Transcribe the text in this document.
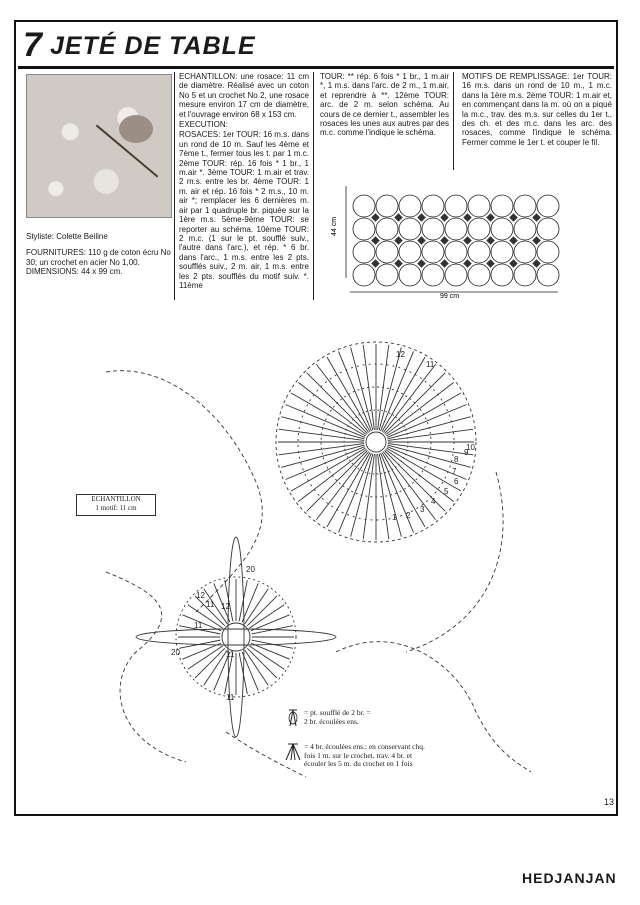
7 JETÉ DE TABLE
Styliste: Colette Beiline
FOURNITURES: 110 g de coton écru No 30; un crochet en acier No 1,00.
DIMENSIONS: 44 x 99 cm.

ECHANTILLON: une rosace: 11 cm de diamètre. Réalisé avec un coton No 5 et un crochet No 2, une rosace mesure environ 17 cm de diamètre, et l'ouvrage environ 68 x 153 cm.

EXECUTION:

ROSACES: 1er TOUR: 16 m.s. dans un rond de 10 m. Sauf les 4ème et 7ème t., fermer tous les t. par 1 m.c. 2ème TOUR: rép. 16 fois * 1 br., 1 m.air *. 3ème TOUR: 1 m.air et trav. 2 m.s. entre les br. 4ème TOUR: 1 m. air et rép. 16 fois * 2 m.s., 10 m. air *; remplacer les 6 dernières m. air par 1 quadruple br. piquée sur la 1ère m.s. 5ème-9ème TOUR: se reporter au schéma. 10ème TOUR: 2 m.c. (1 sur le pt. soufflé suiv., l'autre dans l'arc.), et rép. * 6 br. dans l'arc., 1 m.s. entre les 2 pts. soufflés suiv., 2 m. air, 1 m.s. entre les 2 pts. soufflés du motif suiv. *. 11ème

TOUR: ** rép. 6 fois * 1 br., 1 m.air *, 1 m.s. dans l'arc. de 2 m., 1 m.air, et reprendre à **. 12ème TOUR: arc. de 2 m. selon schéma. Au cours de ce dernier t., assembler les rosaces les unes aux autres par des m.c. comme l'indique le schéma.

MOTIFS DE REMPLISSAGE: 1er TOUR: 16 m.s. dans un rond de 10 m., 1 m.c. dans la 1ère m.s. 2ème TOUR: 1 m.air et, en commençant dans la m. où on a piqué la m.c., trav. des m.s. sur celles du 1er t., des ch. et des m.c. dans les arc. des rosaces, comme l'indique le schéma. Fermer comme le 1er t. et couper le fil.

44 cm
99 cm
12
11
10
9
8
7
6
5
4
3
2
1
20
12
11
11
20	11
11
12
ECHANTILLON
1 motif: 11 cm
= pt. soufflé de 2 br. =
2 br. écoulées ens.
= 4 br. écoulées ens.: en conservant chq.
fois 1 m. sur le crochet, trav. 4 br. et
écouler les 5 m. du crochet en 1 fois
13
HEDJANJAN
